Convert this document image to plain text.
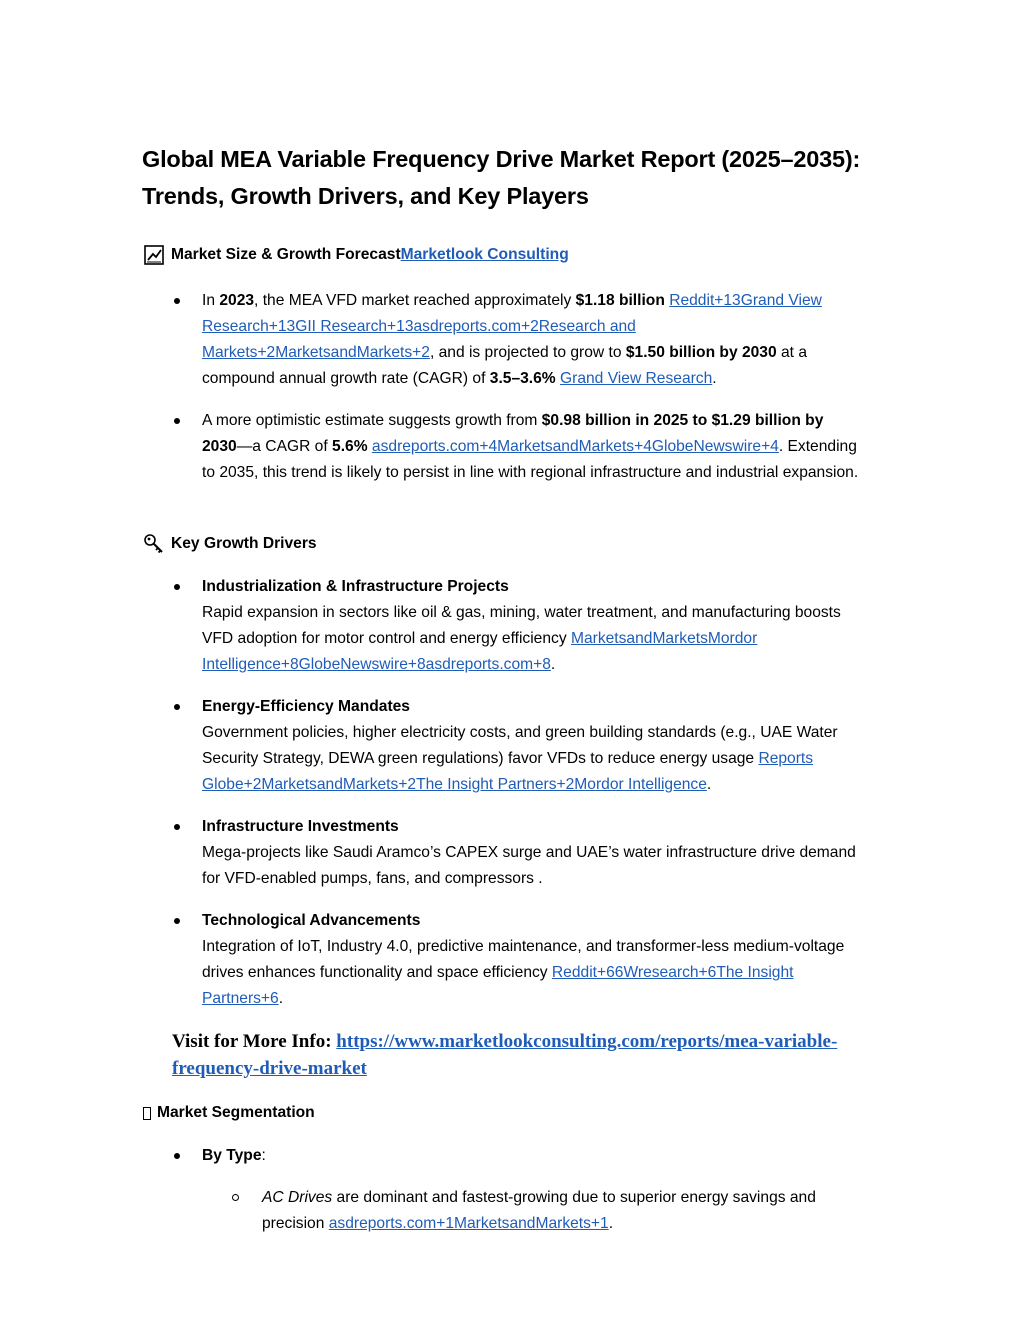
Global MEA Variable Frequency Drive Market Report (2025–2035): Trends, Growth Drivers, and Key Players
Market Size & Growth Forecast Marketlook Consulting
In 2023, the MEA VFD market reached approximately $1.18 billion Reddit+13Grand View Research+13GII Research+13asdreports.com+2Research and Markets+2MarketsandMarkets+2, and is projected to grow to $1.50 billion by 2030 at a compound annual growth rate (CAGR) of 3.5–3.6% Grand View Research.
A more optimistic estimate suggests growth from $0.98 billion in 2025 to $1.29 billion by 2030—a CAGR of 5.6% asdreports.com+4MarketsandMarkets+4GlobeNewswire+4. Extending to 2035, this trend is likely to persist in line with regional infrastructure and industrial expansion.
Key Growth Drivers
Industrialization & Infrastructure Projects
Rapid expansion in sectors like oil & gas, mining, water treatment, and manufacturing boosts VFD adoption for motor control and energy efficiency MarketsandMarketsMordor Intelligence+8GlobeNewswire+8asdreports.com+8.
Energy-Efficiency Mandates
Government policies, higher electricity costs, and green building standards (e.g., UAE Water Security Strategy, DEWA green regulations) favor VFDs to reduce energy usage Reports Globe+2MarketsandMarkets+2The Insight Partners+2Mordor Intelligence.
Infrastructure Investments
Mega-projects like Saudi Aramco’s CAPEX surge and UAE’s water infrastructure drive demand for VFD-enabled pumps, fans, and compressors .
Technological Advancements
Integration of IoT, Industry 4.0, predictive maintenance, and transformer-less medium-voltage drives enhances functionality and space efficiency Reddit+66Wresearch+6The Insight Partners+6.
Visit for More Info: https://www.marketlookconsulting.com/reports/mea-variable-frequency-drive-market
Market Segmentation
By Type:
AC Drives are dominant and fastest-growing due to superior energy savings and precision asdreports.com+1MarketsandMarkets+1.
